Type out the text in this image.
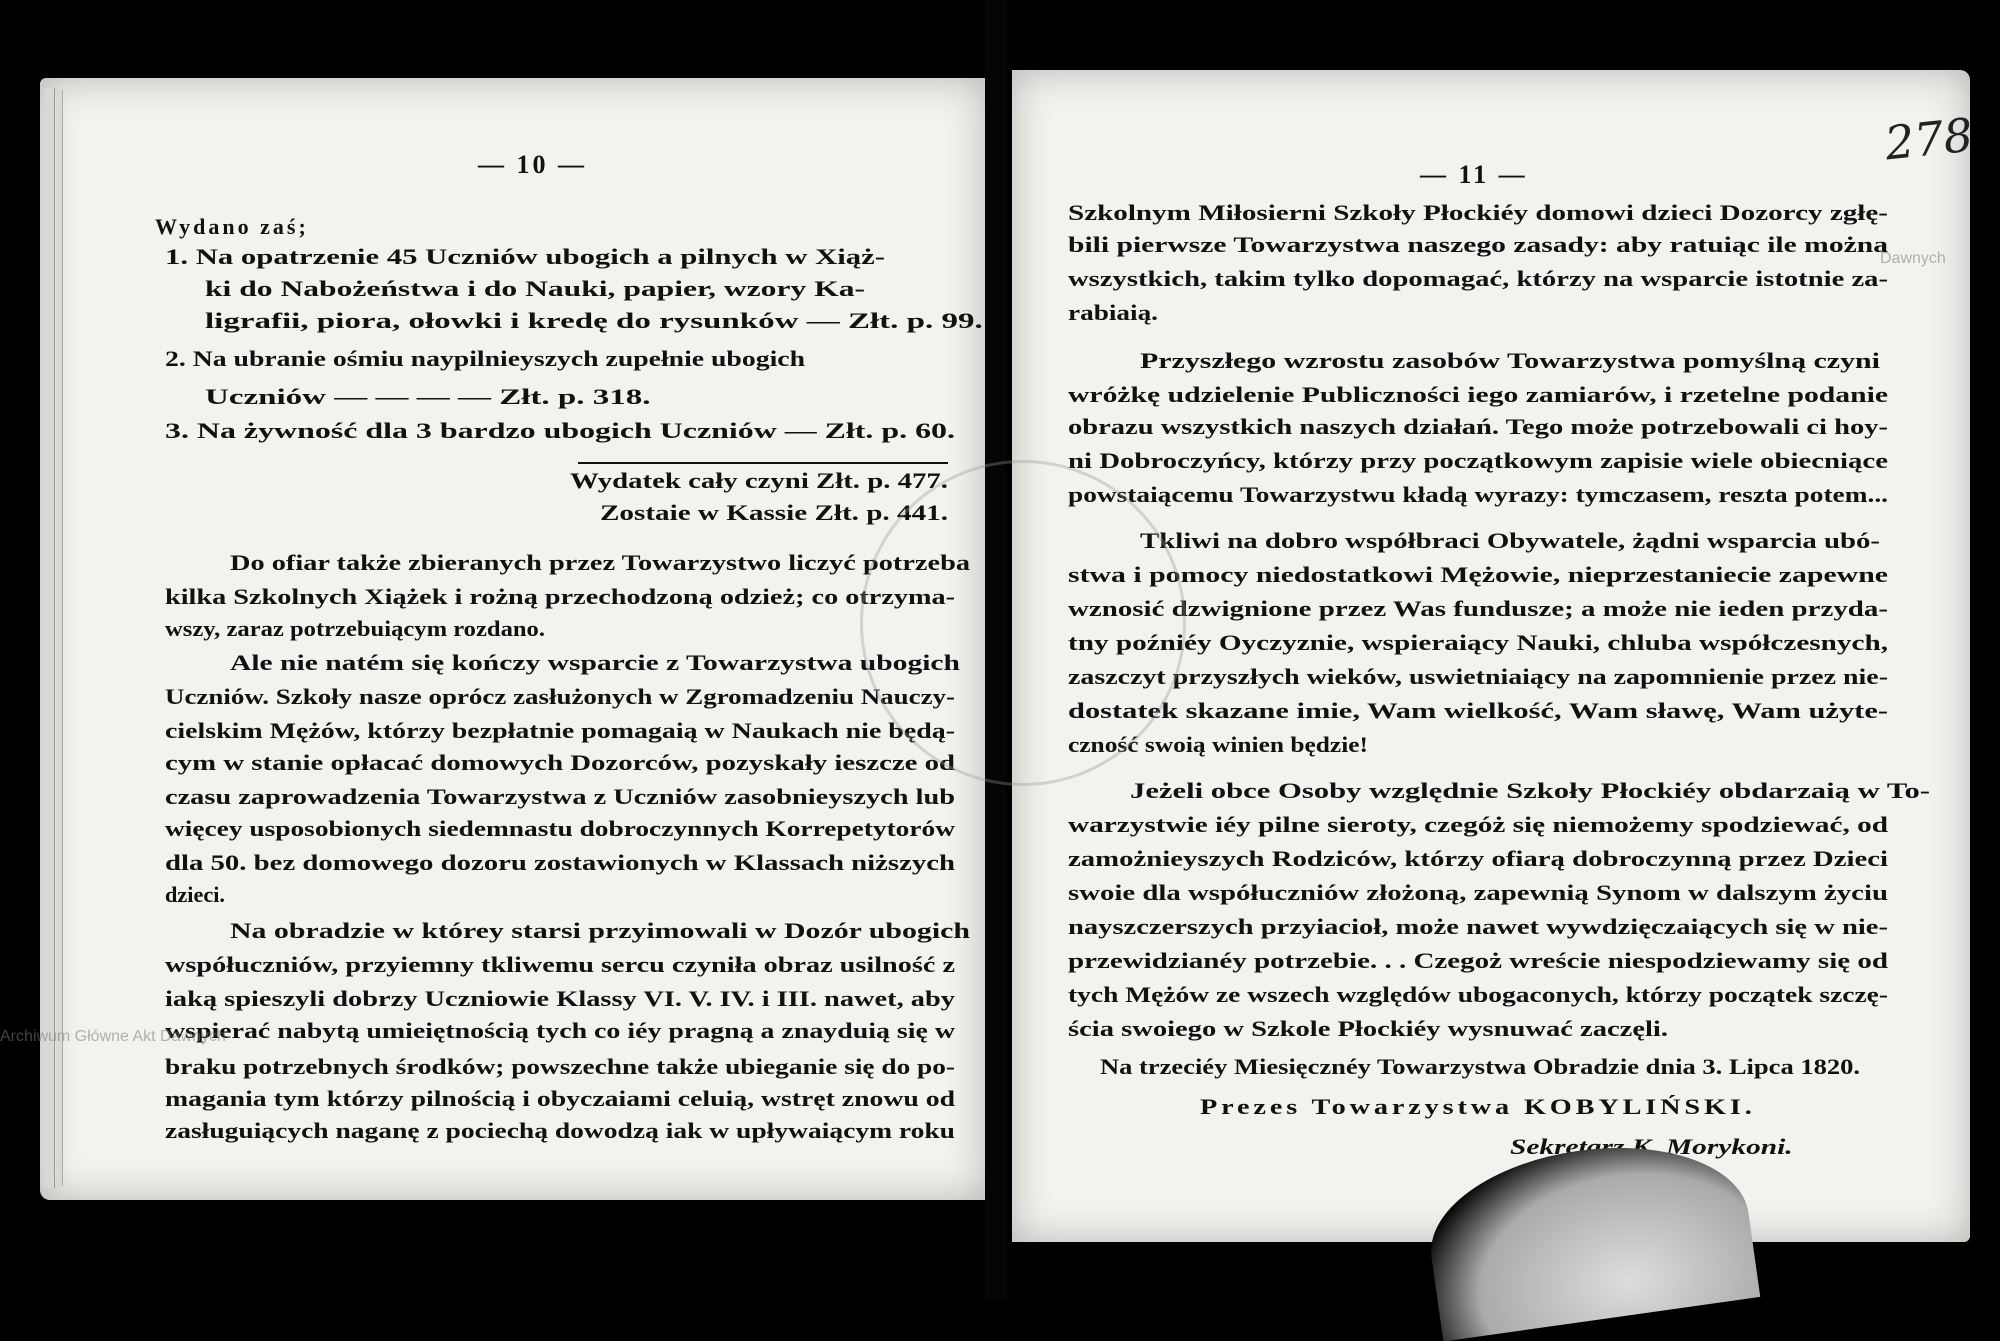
— 10 —
Wydano zaś;
1. Na opatrzenie 45 Uczniów ubogich a pilnych w Xiąż-
ki do Nabożeństwa i do Nauki, papier, wzory Ka-
ligrafii, piora, ołowki i kredę do rysunków — Złt. p. 99.
2. Na ubranie ośmiu naypilnieyszych zupełnie ubogich
Uczniów — — — — Złt. p. 318.
3. Na żywność dla 3 bardzo ubogich Uczniów — Złt. p. 60.
Wydatek cały czyni Złt. p. 477.
Zostaie w Kassie Złt. p. 441.
Do ofiar także zbieranych przez Towarzystwo liczyć potrzeba
kilka Szkolnych Xiążek i rożną przechodzoną odzież; co otrzyma-
wszy, zaraz potrzebuiącym rozdano.
Ale nie natém się kończy wsparcie z Towarzystwa ubogich
Uczniów. Szkoły nasze oprócz zasłużonych w Zgromadzeniu Nauczy-
cielskim Mężów, którzy bezpłatnie pomagaią w Naukach nie będą-
cym w stanie opłacać domowych Dozorców, pozyskały ieszcze od
czasu zaprowadzenia Towarzystwa z Uczniów zasobnieyszych lub
więcey usposobionych siedemnastu dobroczynnych Korrepetytorów
dla 50. bez domowego dozoru zostawionych w Klassach niższych
dzieci.
Na obradzie w którey starsi przyimowali w Dozór ubogich
współuczniów, przyiemny tkliwemu sercu czyniła obraz usilność z
iaką spieszyli dobrzy Uczniowie Klassy VI. V. IV. i III. nawet, aby
wspierać nabytą umieiętnością tych co iéy pragną a znayduią się w
braku potrzebnych środków; powszechne także ubieganie się do po-
magania tym którzy pilnością i obyczaiami celuią, wstręt znowu od
zasługuiących naganę z pociechą dowodzą iak w upływaiącym roku
— 11 —
278
Szkolnym Miłosierni Szkoły Płockiéy domowi dzieci Dozorcy zgłę-
bili pierwsze Towarzystwa naszego zasady: aby ratuiąc ile można
wszystkich, takim tylko dopomagać, którzy na wsparcie istotnie za-
rabiaią.
Przyszłego wzrostu zasobów Towarzystwa pomyślną czyni
wróżkę udzielenie Publiczności iego zamiarów, i rzetelne podanie
obrazu wszystkich naszych działań. Tego może potrzebowali ci hoy-
ni Dobroczyńcy, którzy przy początkowym zapisie wiele obiecniące
powstaiącemu Towarzystwu kładą wyrazy: tymczasem, reszta potem...
Tkliwi na dobro współbraci Obywatele, żądni wsparcia ubó-
stwa i pomocy niedostatkowi Mężowie, nieprzestaniecie zapewne
wznosić dzwignione przez Was fundusze; a może nie ieden przyda-
tny poźniéy Oyczyznie, wspieraiący Nauki, chluba współczesnych,
zaszczyt przyszłych wieków, uswietniaiący na zapomnienie przez nie-
dostatek skazane imie, Wam wielkość, Wam sławę, Wam użyte-
czność swoią winien będzie!
Jeżeli obce Osoby względnie Szkoły Płockiéy obdarzaią w To-
warzystwie iéy pilne sieroty, czegóż się niemożemy spodziewać, od
zamożnieyszych Rodziców, którzy ofiarą dobroczynną przez Dzieci
swoie dla współuczniów złożoną, zapewnią Synom w dalszym życiu
nayszczerszych przyiacioł, może nawet wywdzięczaiących się w nie-
przewidzianéy potrzebie. . . Czegoż wreście niespodziewamy się od
tych Mężów ze wszech względów ubogaconych, którzy początek szczę-
ścia swoiego w Szkole Płockiéy wysnuwać zaczęli.
Na trzeciéy Miesięcznéy Towarzystwa Obradzie dnia 3. Lipca 1820.
Prezes Towarzystwa KOBYLIŃSKI.
Sekretarz K. Morykoni.
Archiwum Główne Akt Dawnych
Dawnych
